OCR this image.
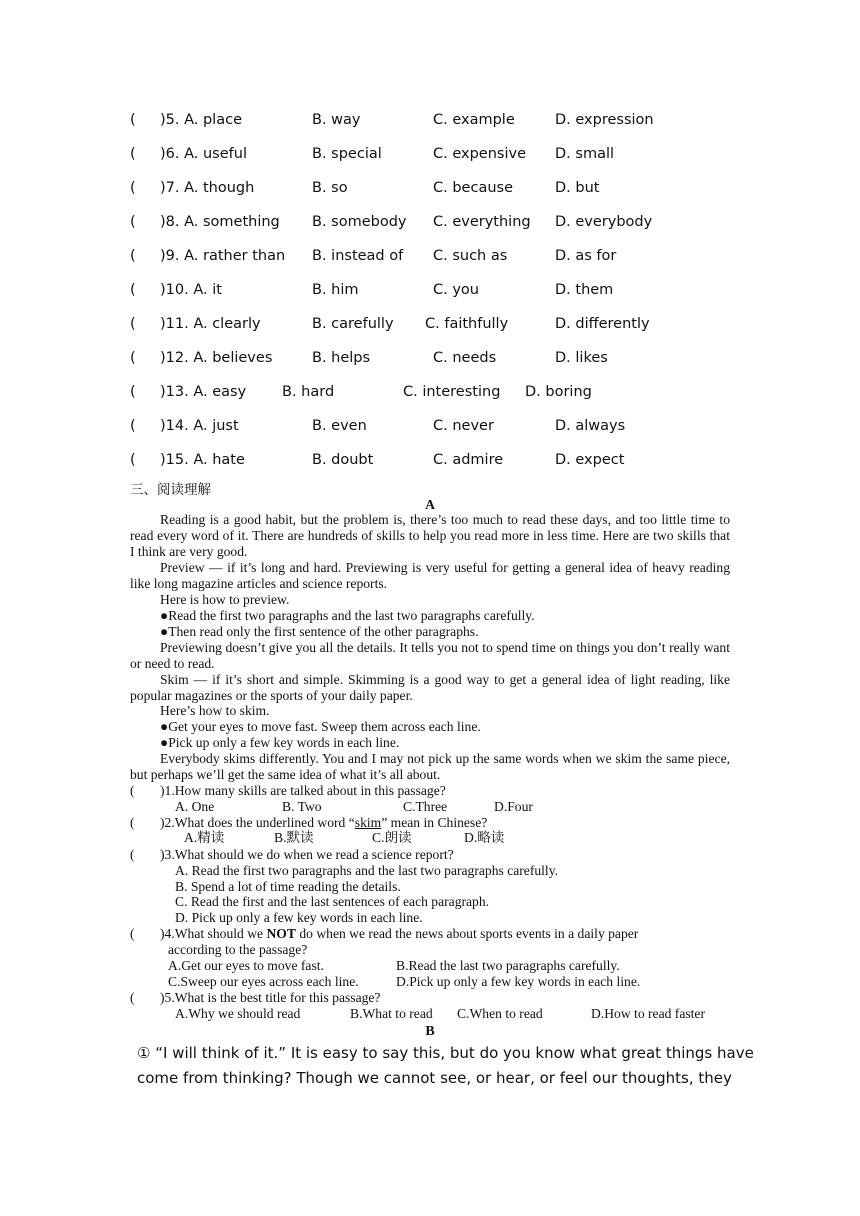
( )5. A. place	B. way	C. example	D. expression
( )6. A. useful	B. special	C. expensive D. small
( )7. A. though	B. so	C. because	D. but
( )8. A. something B. somebody C. everything D. everybody
( )9. A. rather than B. instead of C. such as	D. as for
( )10. A. it	B. him	C. you	D. them
( )11. A. clearly	B. carefully C. faithfully	D. differently
( )12. A. believes	B. helps	C. needs	D. likes
( )13. A. easy B. hard	C. interesting D. boring
( )14. A. just	B. even	C. never	D. always
( )15. A. hate	B. doubt	C. admire	D. expect
三、阅读理解
A
Reading is a good habit, but the problem is, there’s too much to read these days, and too little time to read every word of it. There are hundreds of skills to help you read more in less time. Here are two skills that I think are very good.
Preview — if it’s long and hard. Previewing is very useful for getting a general idea of heavy reading like long magazine articles and science reports.
Here is how to preview.
●Read the first two paragraphs and the last two paragraphs carefully.
●Then read only the first sentence of the other paragraphs.
Previewing doesn’t give you all the details. It tells you not to spend time on things you don’t really want or need to read.
Skim — if it’s short and simple. Skimming is a good way to get a general idea of light reading, like popular magazines or the sports of your daily paper.
Here’s how to skim.
●Get your eyes to move fast. Sweep them across each line.
●Pick up only a few key words in each line.
Everybody skims differently. You and I may not pick up the same words when we skim the same piece, but perhaps we’ll get the same idea of what it’s all about.
( )1.How many skills are talked about in this passage?
A. One	B. Two	C.Three	D.Four
( )2.What does the underlined word “skim” mean in Chinese?
A.精读	B.默读	C.朗读	D.略读
( )3.What should we do when we read a science report?
A. Read the first two paragraphs and the last two paragraphs carefully.
B. Spend a lot of time reading the details.
C. Read the first and the last sentences of each paragraph.
D. Pick up only a few key words in each line.
( )4.What should we NOT do when we read the news about sports events in a daily paper
according to the passage?
A.Get our eyes to move fast.	B.Read the last two paragraphs carefully.
C.Sweep our eyes across each line.	D.Pick up only a few key words in each line.
( )5.What is the best title for this passage?
A.Why we should read	B.What to read C.When to read	D.How to read faster
B
① “I will think of it.” It is easy to say this, but do you know what great things have
come from thinking? Though we cannot see, or hear, or feel our thoughts, they
